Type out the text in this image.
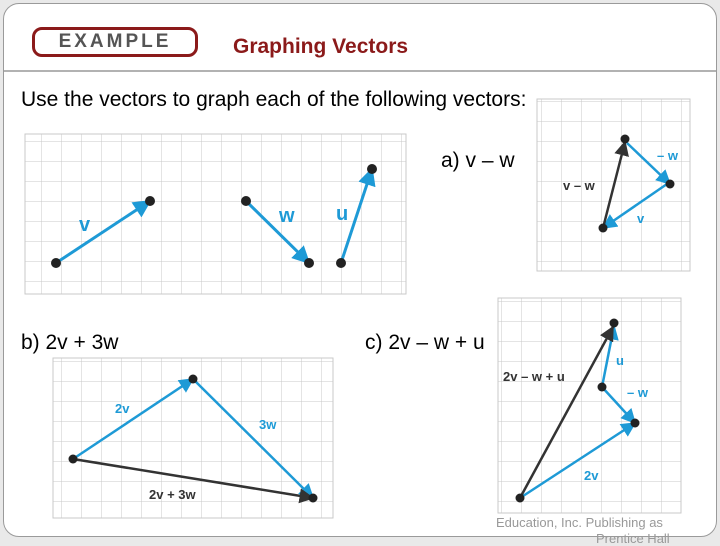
EXAMPLE	Graphing Vectors
Use the vectors to graph each of the following vectors:
v	w u
– w
v – w
v
2v
3w
2v + 3w
u
– w
2v
2v – w + u
a) v – w
b) 2v + 3w	c) 2v – w + u
Education, Inc. Publishing as
Prentice Hall
